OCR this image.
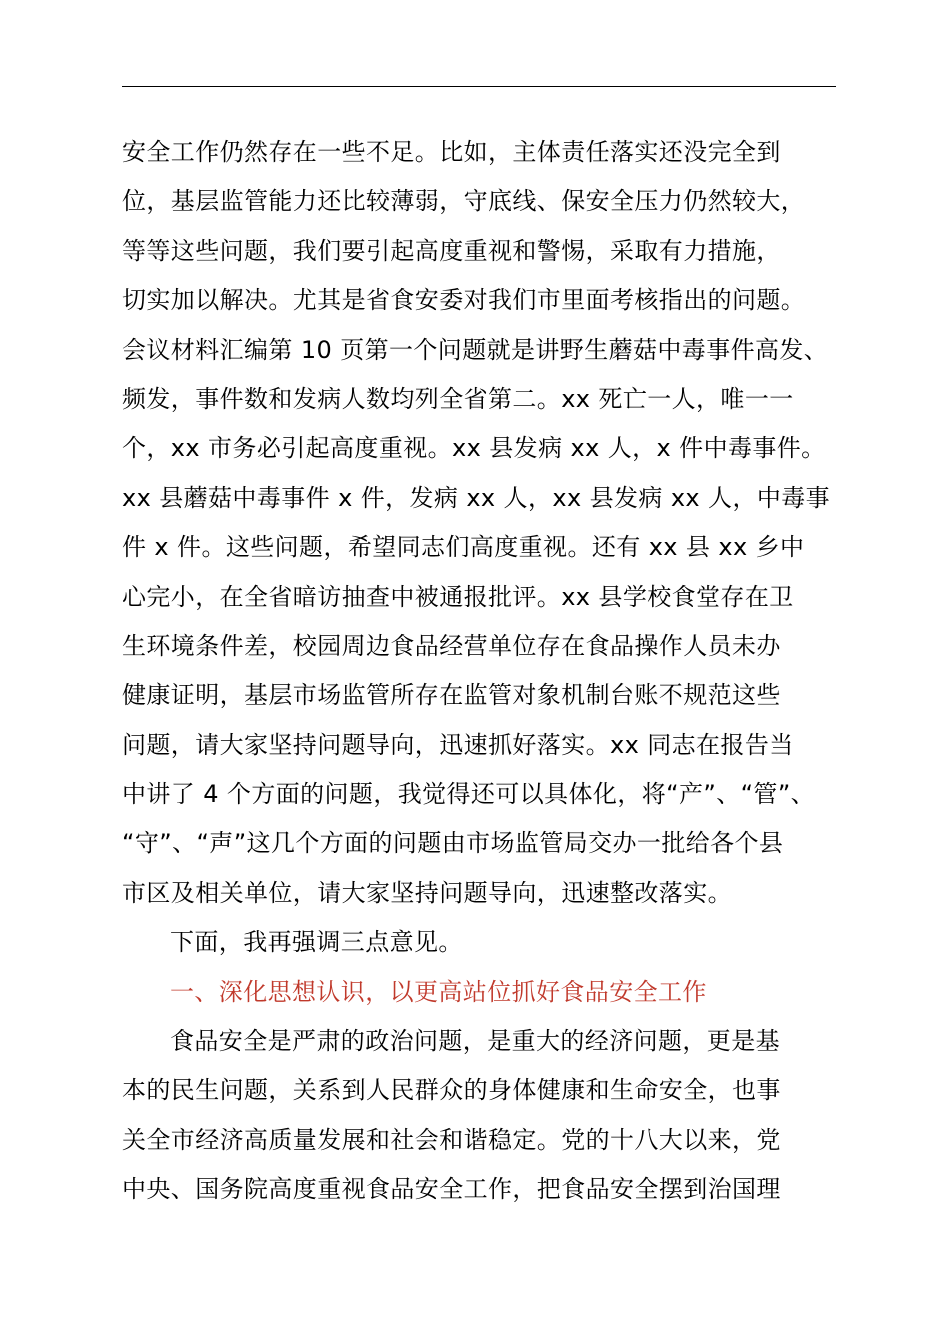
安全工作仍然存在一些不足。比如，主体责任落实还没完全到
位，基层监管能力还比较薄弱，守底线、保安全压力仍然较大，
等等这些问题，我们要引起高度重视和警惕，采取有力措施，
切实加以解决。尤其是省食安委对我们市里面考核指出的问题。
会议材料汇编第 10 页第一个问题就是讲野生蘑菇中毒事件高发、
频发，事件数和发病人数均列全省第二。xx 死亡一人，唯一一
个，xx 市务必引起高度重视。xx 县发病 xx 人，x 件中毒事件。
xx 县蘑菇中毒事件 x 件，发病 xx 人，xx 县发病 xx 人，中毒事
件 x 件。这些问题，希望同志们高度重视。还有 xx 县 xx 乡中
心完小，在全省暗访抽查中被通报批评。xx 县学校食堂存在卫
生环境条件差，校园周边食品经营单位存在食品操作人员未办
健康证明，基层市场监管所存在监管对象机制台账不规范这些
问题，请大家坚持问题导向，迅速抓好落实。xx 同志在报告当
中讲了 4 个方面的问题，我觉得还可以具体化，将“产”、“管”、
“守”、“声”这几个方面的问题由市场监管局交办一批给各个县
市区及相关单位，请大家坚持问题导向，迅速整改落实。
下面，我再强调三点意见。
一、深化思想认识，以更高站位抓好食品安全工作
食品安全是严肃的政治问题，是重大的经济问题，更是基
本的民生问题，关系到人民群众的身体健康和生命安全，也事
关全市经济高质量发展和社会和谐稳定。党的十八大以来，党
中央、国务院高度重视食品安全工作，把食品安全摆到治国理
